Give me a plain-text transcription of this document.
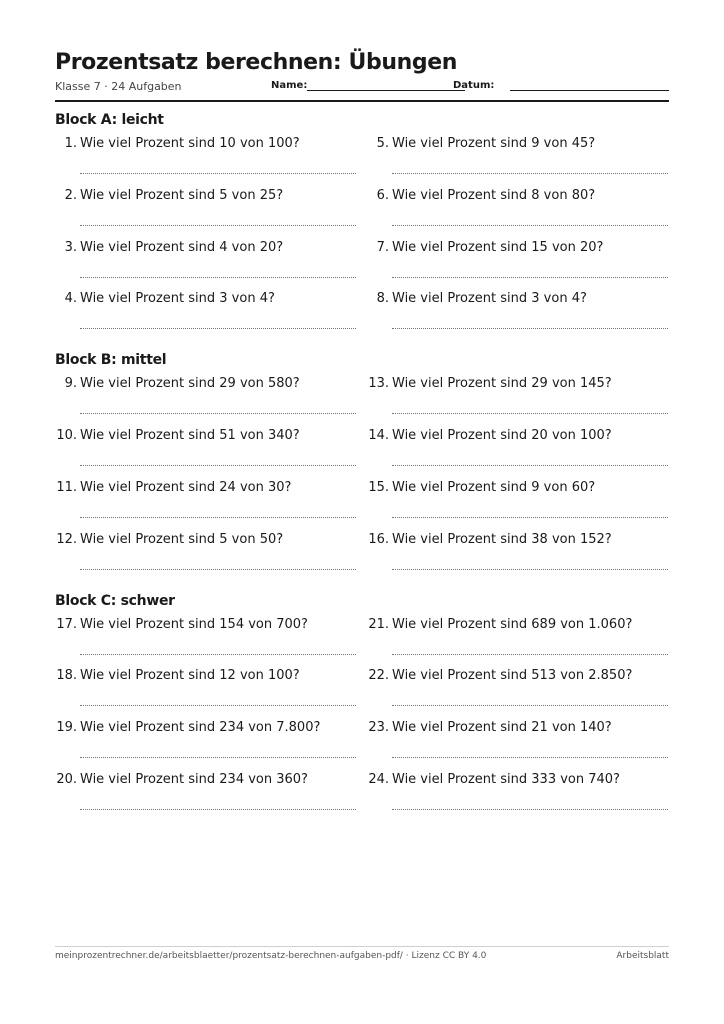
Prozentsatz berechnen: Übungen
Klasse 7 · 24 Aufgaben	Name:	Datum:
Block A: leicht
1. Wie viel Prozent sind 10 von 100?
2. Wie viel Prozent sind 5 von 25?
3. Wie viel Prozent sind 4 von 20?
4. Wie viel Prozent sind 3 von 4?
5. Wie viel Prozent sind 9 von 45?
6. Wie viel Prozent sind 8 von 80?
7. Wie viel Prozent sind 15 von 20?
8. Wie viel Prozent sind 3 von 4?
Block B: mittel
9. Wie viel Prozent sind 29 von 580?
10. Wie viel Prozent sind 51 von 340?
11. Wie viel Prozent sind 24 von 30?
12. Wie viel Prozent sind 5 von 50?
13. Wie viel Prozent sind 29 von 145?
14. Wie viel Prozent sind 20 von 100?
15. Wie viel Prozent sind 9 von 60?
16. Wie viel Prozent sind 38 von 152?
Block C: schwer
17. Wie viel Prozent sind 154 von 700?
18. Wie viel Prozent sind 12 von 100?
19. Wie viel Prozent sind 234 von 7.800?
20. Wie viel Prozent sind 234 von 360?
21. Wie viel Prozent sind 689 von 1.060?
22. Wie viel Prozent sind 513 von 2.850?
23. Wie viel Prozent sind 21 von 140?
24. Wie viel Prozent sind 333 von 740?
meinprozentrechner.de/arbeitsblaetter/prozentsatz-berechnen-aufgaben-pdf/ · Lizenz CC BY 4.0	Arbeitsblatt
